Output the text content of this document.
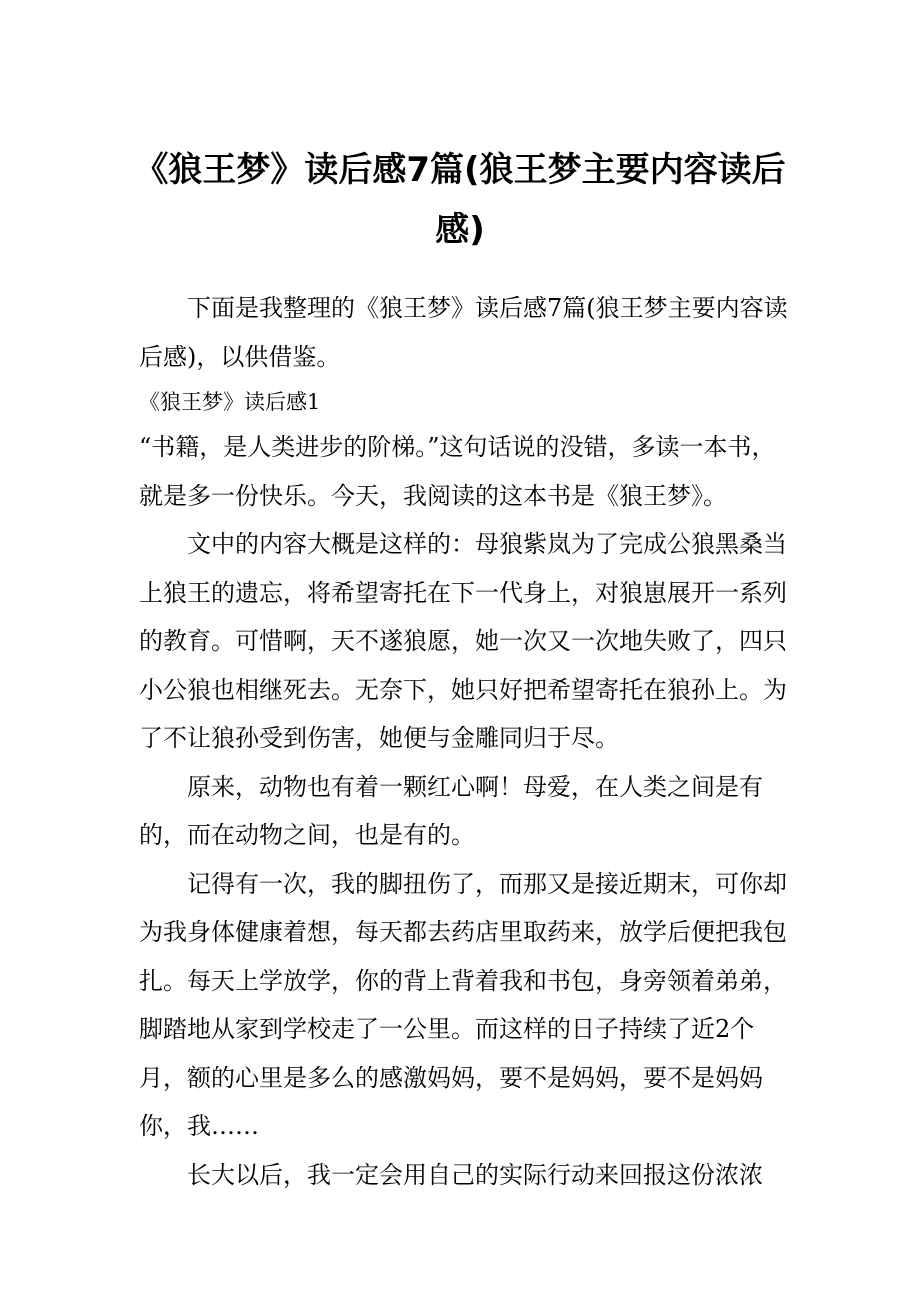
《狼王梦》读后感7篇(狼王梦主要内容读后感)

下面是我整理的《狼王梦》读后感7篇(狼王梦主要内容读后感)，以供借鉴。

《狼王梦》读后感1

“书籍，是人类进步的阶梯。”这句话说的没错，多读一本书，就是多一份快乐。今天，我阅读的这本书是《狼王梦》。

文中的内容大概是这样的：母狼紫岚为了完成公狼黑桑当上狼王的遗忘，将希望寄托在下一代身上，对狼崽展开一系列的教育。可惜啊，天不遂狼愿，她一次又一次地失败了，四只小公狼也相继死去。无奈下，她只好把希望寄托在狼孙上。为了不让狼孙受到伤害，她便与金雕同归于尽。

原来，动物也有着一颗红心啊！母爱，在人类之间是有的，而在动物之间，也是有的。

记得有一次，我的脚扭伤了，而那又是接近期末，可你却为我身体健康着想，每天都去药店里取药来，放学后便把我包扎。每天上学放学，你的背上背着我和书包，身旁领着弟弟，脚踏地从家到学校走了一公里。而这样的日子持续了近2个月，额的心里是多么的感激妈妈，要不是妈妈，要不是妈妈你，我……

长大以后，我一定会用自己的实际行动来回报这份浓浓
